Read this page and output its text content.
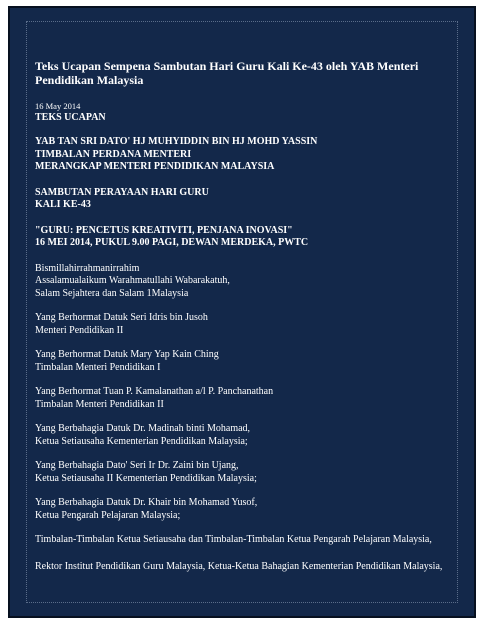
Teks Ucapan Sempena Sambutan Hari Guru Kali Ke-43 oleh YAB Menteri Pendidikan Malaysia
16 May 2014
TEKS UCAPAN
YAB TAN SRI DATO' HJ MUHYIDDIN BIN HJ MOHD YASSIN
TIMBALAN PERDANA MENTERI
MERANGKAP MENTERI PENDIDIKAN MALAYSIA
SAMBUTAN PERAYAAN HARI GURU
KALI KE-43
"GURU: PENCETUS KREATIVITI, PENJANA INOVASI"
16 MEI 2014, PUKUL 9.00 PAGI, DEWAN MERDEKA, PWTC
Bismillahirrahmanirrahim
Assalamualaikum Warahmatullahi Wabarakatuh,
Salam Sejahtera dan Salam 1Malaysia
Yang Berhormat Datuk Seri Idris bin Jusoh
Menteri Pendidikan II
Yang Berhormat Datuk Mary Yap Kain Ching
Timbalan Menteri Pendidikan I
Yang Berhormat Tuan P. Kamalanathan a/l P. Panchanathan
Timbalan Menteri Pendidikan II
Yang Berbahagia Datuk Dr. Madinah binti Mohamad,
Ketua Setiausaha Kementerian Pendidikan Malaysia;
Yang Berbahagia Dato' Seri Ir Dr. Zaini bin Ujang,
Ketua Setiausaha II Kementerian Pendidikan Malaysia;
Yang Berbahagia Datuk Dr. Khair bin Mohamad Yusof,
Ketua Pengarah Pelajaran Malaysia;
Timbalan-Timbalan Ketua Setiausaha dan Timbalan-Timbalan Ketua Pengarah Pelajaran Malaysia,
Rektor Institut Pendidikan Guru Malaysia, Ketua-Ketua Bahagian Kementerian Pendidikan Malaysia,
